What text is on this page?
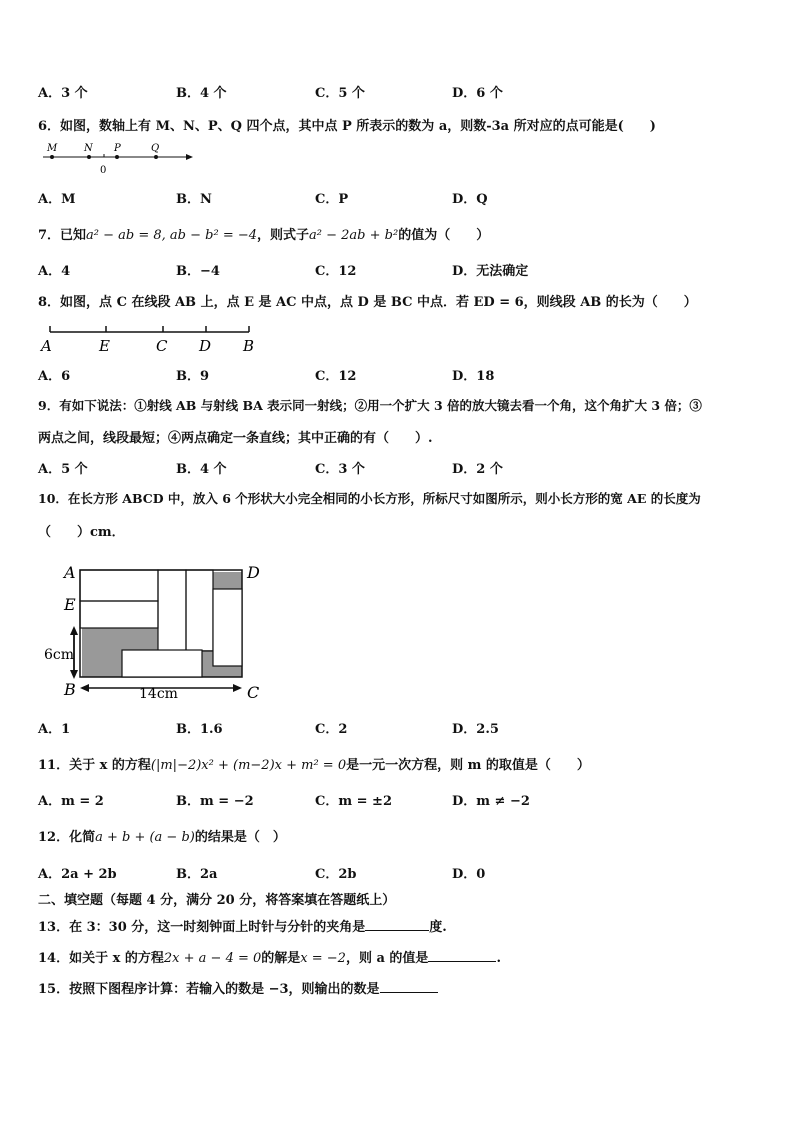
A．3 个	B．4 个	C．5 个	D．6 个
6．如图，数轴上有 M、N、P、Q 四个点，其中点 P 所表示的数为 a，则数-3a 所对应的点可能是(　　)
M	N P	Q
0
A．M	B．N	C．P	D．Q
7．已知a² − ab = 8, ab − b² = −4，则式子a² − 2ab + b²的值为（　　）
A．4	B．−4	C．12	D．无法确定
8．如图，点 C 在线段 AB 上，点 E 是 AC 中点，点 D 是 BC 中点．若 ED = 6，则线段 AB 的长为（　　）
A	E	C D B
A．6	B．9	C．12	D．18
9．有如下说法：①射线 AB 与射线 BA 表示同一射线；②用一个扩大 3 倍的放大镜去看一个角，这个角扩大 3 倍；③
两点之间，线段最短；④两点确定一条直线；其中正确的有（　　）.
A．5 个	B．4 个	C．3 个	D．2 个
10．在长方形 ABCD 中，放入 6 个形状大小完全相同的小长方形，所标尺寸如图所示，则小长方形的宽 AE 的长度为
（　　）cm．
A	D
E
6cm
B	14cm	C
A．1	B．1.6	C．2	D．2.5
11．关于 x 的方程(|m|−2)x² + (m−2)x + m² = 0是一元一次方程，则 m 的取值是（　　）
A．m = 2	B．m = −2	C．m = ±2	D．m ≠ −2
12．化简a + b + (a − b)的结果是（　）
A．2a + 2b	B．2a	C．2b	D．0
二、填空题（每题 4 分，满分 20 分，将答案填在答题纸上）
13．在 3：30 分，这一时刻钟面上时针与分针的夹角是	度.
14．如关于 x 的方程2x + a − 4 = 0的解是x = −2，则 a 的值是	.
15．按照下图程序计算：若输入的数是 −3，则输出的数是
